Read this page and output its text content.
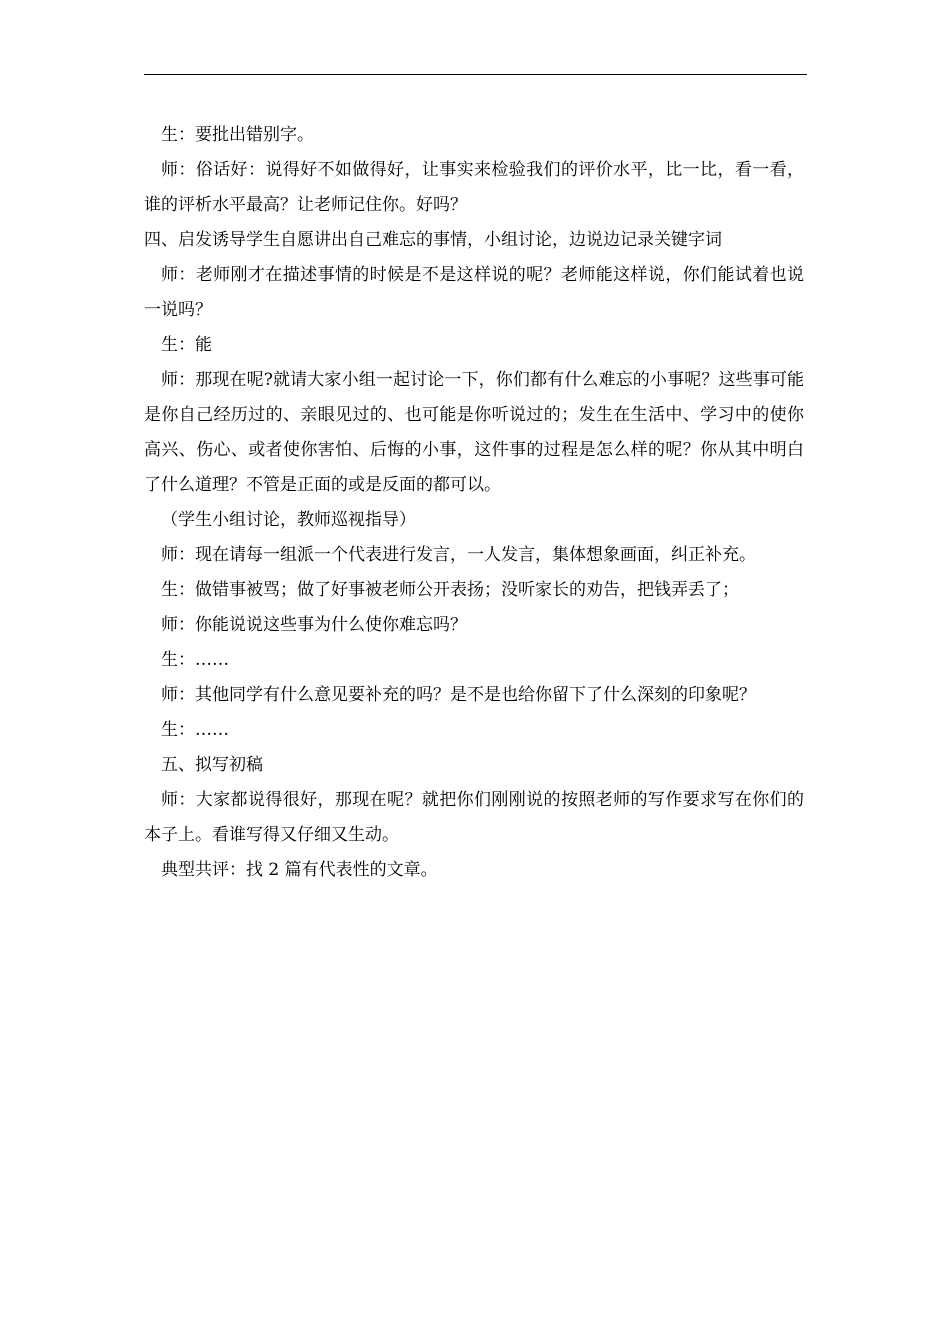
生：要批出错别字。

师：俗话好：说得好不如做得好，让事实来检验我们的评价水平，比一比，看一看，谁的评析水平最高？让老师记住你。好吗？

四、启发诱导学生自愿讲出自己难忘的事情，小组讨论，边说边记录关键字词

师：老师刚才在描述事情的时候是不是这样说的呢？老师能这样说，你们能试着也说一说吗？

生：能

师：那现在呢?就请大家小组一起讨论一下，你们都有什么难忘的小事呢？这些事可能是你自己经历过的、亲眼见过的、也可能是你听说过的；发生在生活中、学习中的使你高兴、伤心、或者使你害怕、后悔的小事，这件事的过程是怎么样的呢？你从其中明白了什么道理？不管是正面的或是反面的都可以。

（学生小组讨论，教师巡视指导）

师：现在请每一组派一个代表进行发言，一人发言，集体想象画面，纠正补充。

生：做错事被骂；做了好事被老师公开表扬；没听家长的劝告，把钱弄丢了；

师：你能说说这些事为什么使你难忘吗？

生：……

师：其他同学有什么意见要补充的吗？是不是也给你留下了什么深刻的印象呢？

生：……

五、拟写初稿

师：大家都说得很好，那现在呢？就把你们刚刚说的按照老师的写作要求写在你们的本子上。看谁写得又仔细又生动。

典型共评：找 2 篇有代表性的文章。
